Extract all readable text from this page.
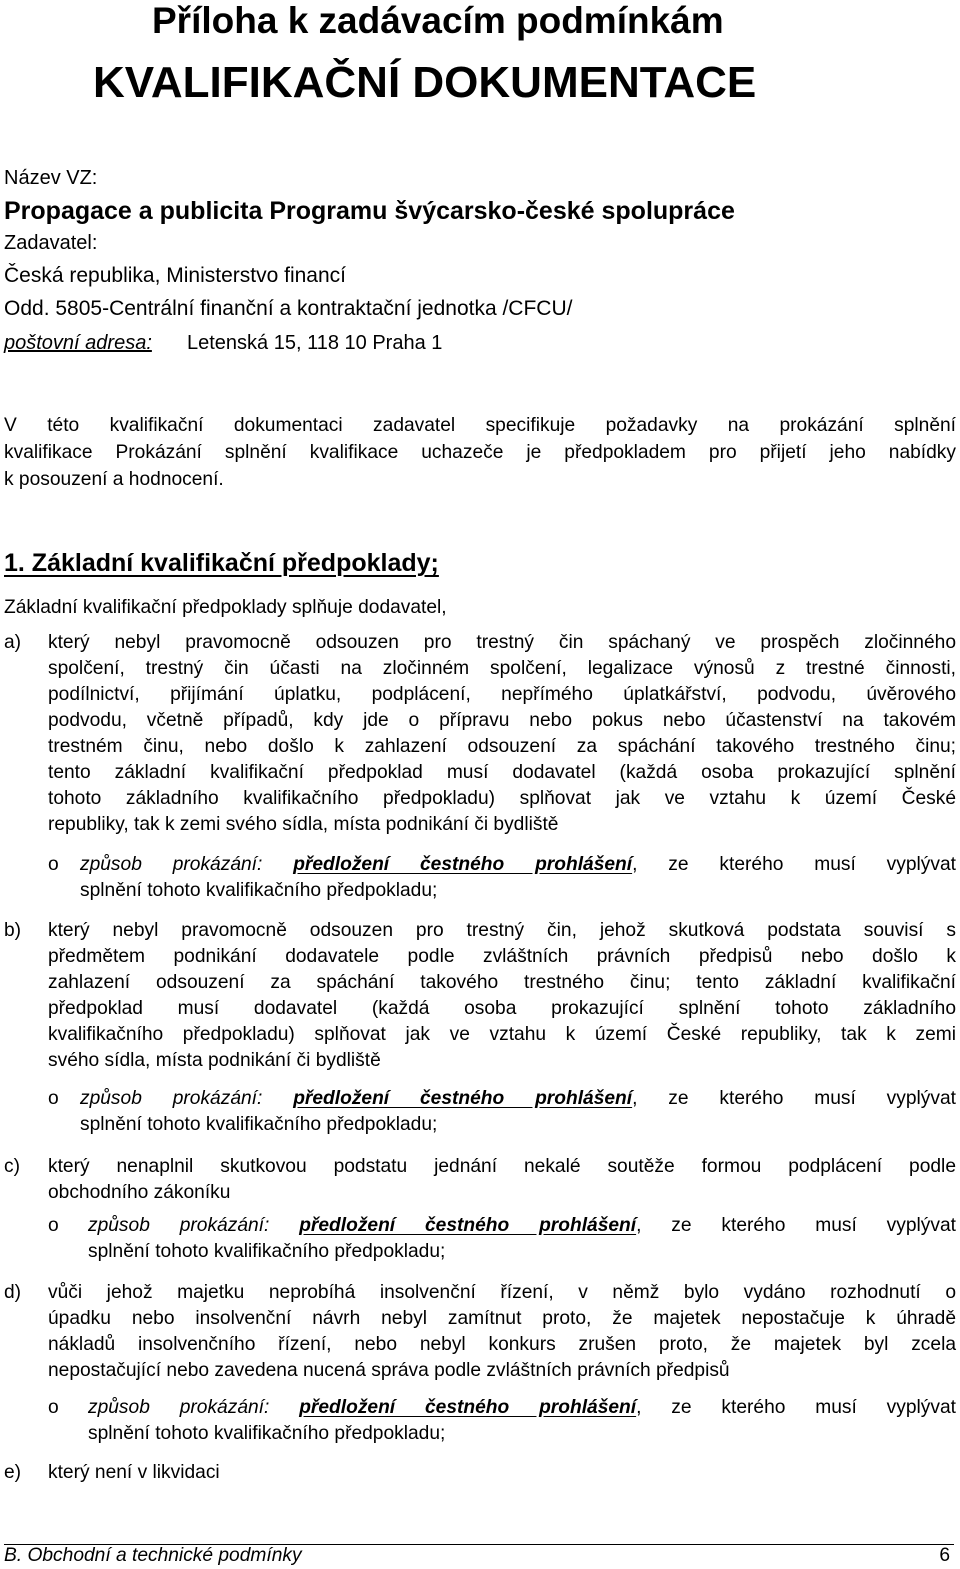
Příloha k zadávacím podmínkám
KVALIFIKAČNÍ DOKUMENTACE
Název VZ:
Propagace a publicita Programu švýcarsko-české spolupráce
Zadavatel:
Česká republika, Ministerstvo financí
Odd. 5805-Centrální finanční a kontraktační jednotka /CFCU/
poštovní adresa: Letenská 15, 118 10 Praha 1
V této kvalifikační dokumentaci zadavatel specifikuje požadavky na prokázání splnění
kvalifikace Prokázání splnění kvalifikace uchazeče je předpokladem pro přijetí jeho nabídky
k posouzení a hodnocení.
1. Základní kvalifikační předpoklady;
Základní kvalifikační předpoklady splňuje dodavatel,
a) který nebyl pravomocně odsouzen pro trestný čin spáchaný ve prospěch zločinného
spolčení, trestný čin účasti na zločinném spolčení, legalizace výnosů z trestné činnosti,
podílnictví, přijímání úplatku, podplácení, nepřímého úplatkářství, podvodu, úvěrového
podvodu, včetně případů, kdy jde o přípravu nebo pokus nebo účastenství na takovém
trestném činu, nebo došlo k zahlazení odsouzení za spáchání takového trestného činu;
tento základní kvalifikační předpoklad musí dodavatel (každá osoba prokazující splnění
tohoto základního kvalifikačního předpokladu) splňovat jak ve vztahu k území České
republiky, tak k zemi svého sídla, místa podnikání či bydliště
o způsob prokázání: předložení čestného prohlášení, ze kterého musí vyplývat
splnění tohoto kvalifikačního předpokladu;
b) který nebyl pravomocně odsouzen pro trestný čin, jehož skutková podstata souvisí s
předmětem podnikání dodavatele podle zvláštních právních předpisů nebo došlo k
zahlazení odsouzení za spáchání takového trestného činu; tento základní kvalifikační
předpoklad musí dodavatel (každá osoba prokazující splnění tohoto základního
kvalifikačního předpokladu) splňovat jak ve vztahu k území České republiky, tak k zemi
svého sídla, místa podnikání či bydliště
o způsob prokázání: předložení čestného prohlášení, ze kterého musí vyplývat
splnění tohoto kvalifikačního předpokladu;
c) který nenaplnil skutkovou podstatu jednání nekalé soutěže formou podplácení podle
obchodního zákoníku
o způsob prokázání: předložení čestného prohlášení, ze kterého musí vyplývat
splnění tohoto kvalifikačního předpokladu;
d) vůči jehož majetku neprobíhá insolvenční řízení, v němž bylo vydáno rozhodnutí o
úpadku nebo insolvenční návrh nebyl zamítnut proto, že majetek nepostačuje k úhradě
nákladů insolvenčního řízení, nebo nebyl konkurs zrušen proto, že majetek byl zcela
nepostačující nebo zavedena nucená správa podle zvláštních právních předpisů
o způsob prokázání: předložení čestného prohlášení, ze kterého musí vyplývat
splnění tohoto kvalifikačního předpokladu;
e) který není v likvidaci
B. Obchodní a technické podmínky	6
